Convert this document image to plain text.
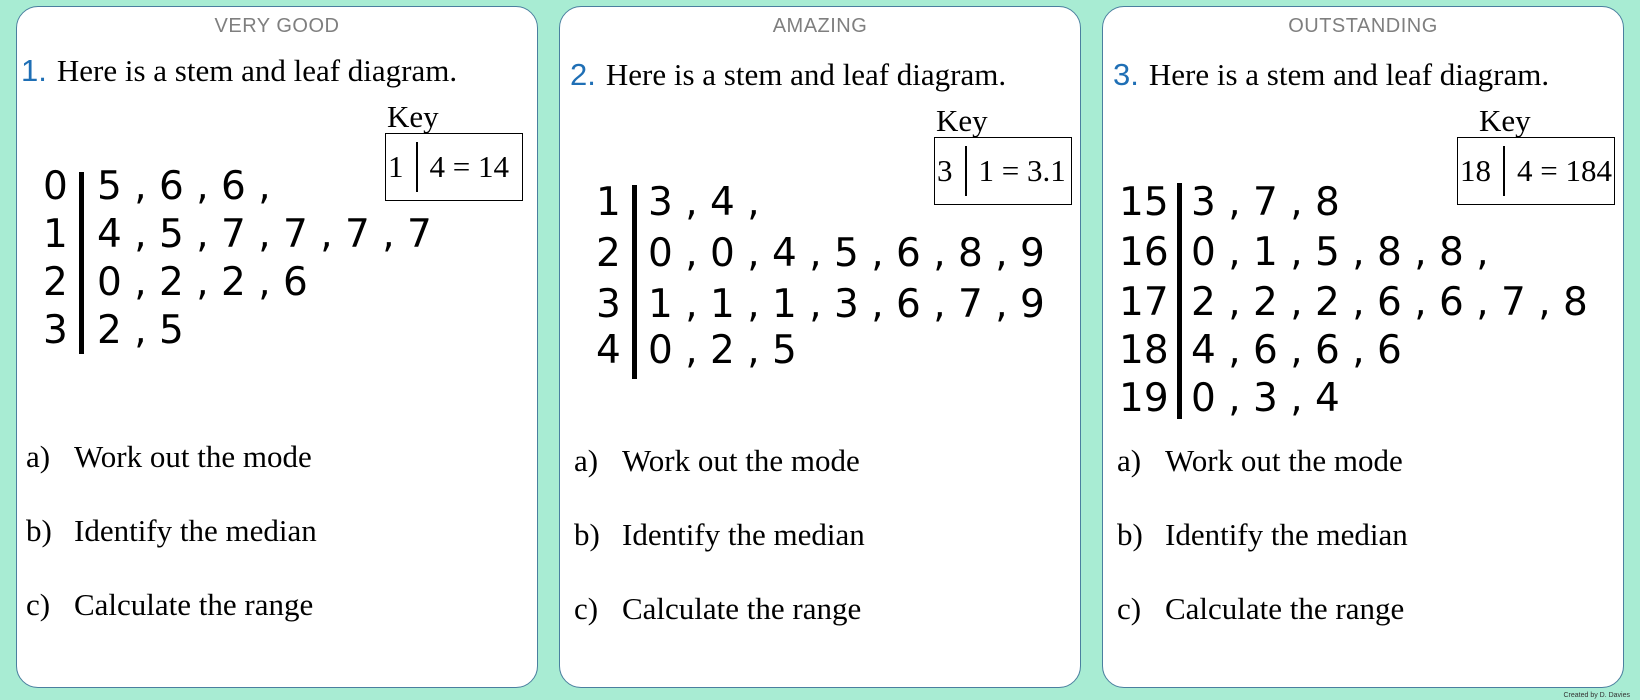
VERY GOOD
1. Here is a stem and leaf diagram.
Key
1 4 = 14
0 5 , 6 , 6 ,
1 4 , 5 , 7 , 7 , 7 , 7
2 0 , 2 , 2 , 6
3 2 , 5
a) Work out the mode
b) Identify the median
c) Calculate the range
AMAZING
2. Here is a stem and leaf diagram.
Key
3 1 = 3.1
1 3 , 4 ,
2 0 , 0 , 4 , 5 , 6 , 8 , 9
3 1 , 1 , 1 , 3 , 6 , 7 , 9
4 0 , 2 , 5
a) Work out the mode
b) Identify the median
c) Calculate the range
OUTSTANDING
3. Here is a stem and leaf diagram.
Key
18 4 = 184
15 3 , 7 , 8
16 0 , 1 , 5 , 8 , 8 ,
17 2 , 2 , 2 , 6 , 6 , 7 , 8
18 4 , 6 , 6 , 6
19 0 , 3 , 4
a) Work out the mode
b) Identify the median
c) Calculate the range
Created by D. Davies
